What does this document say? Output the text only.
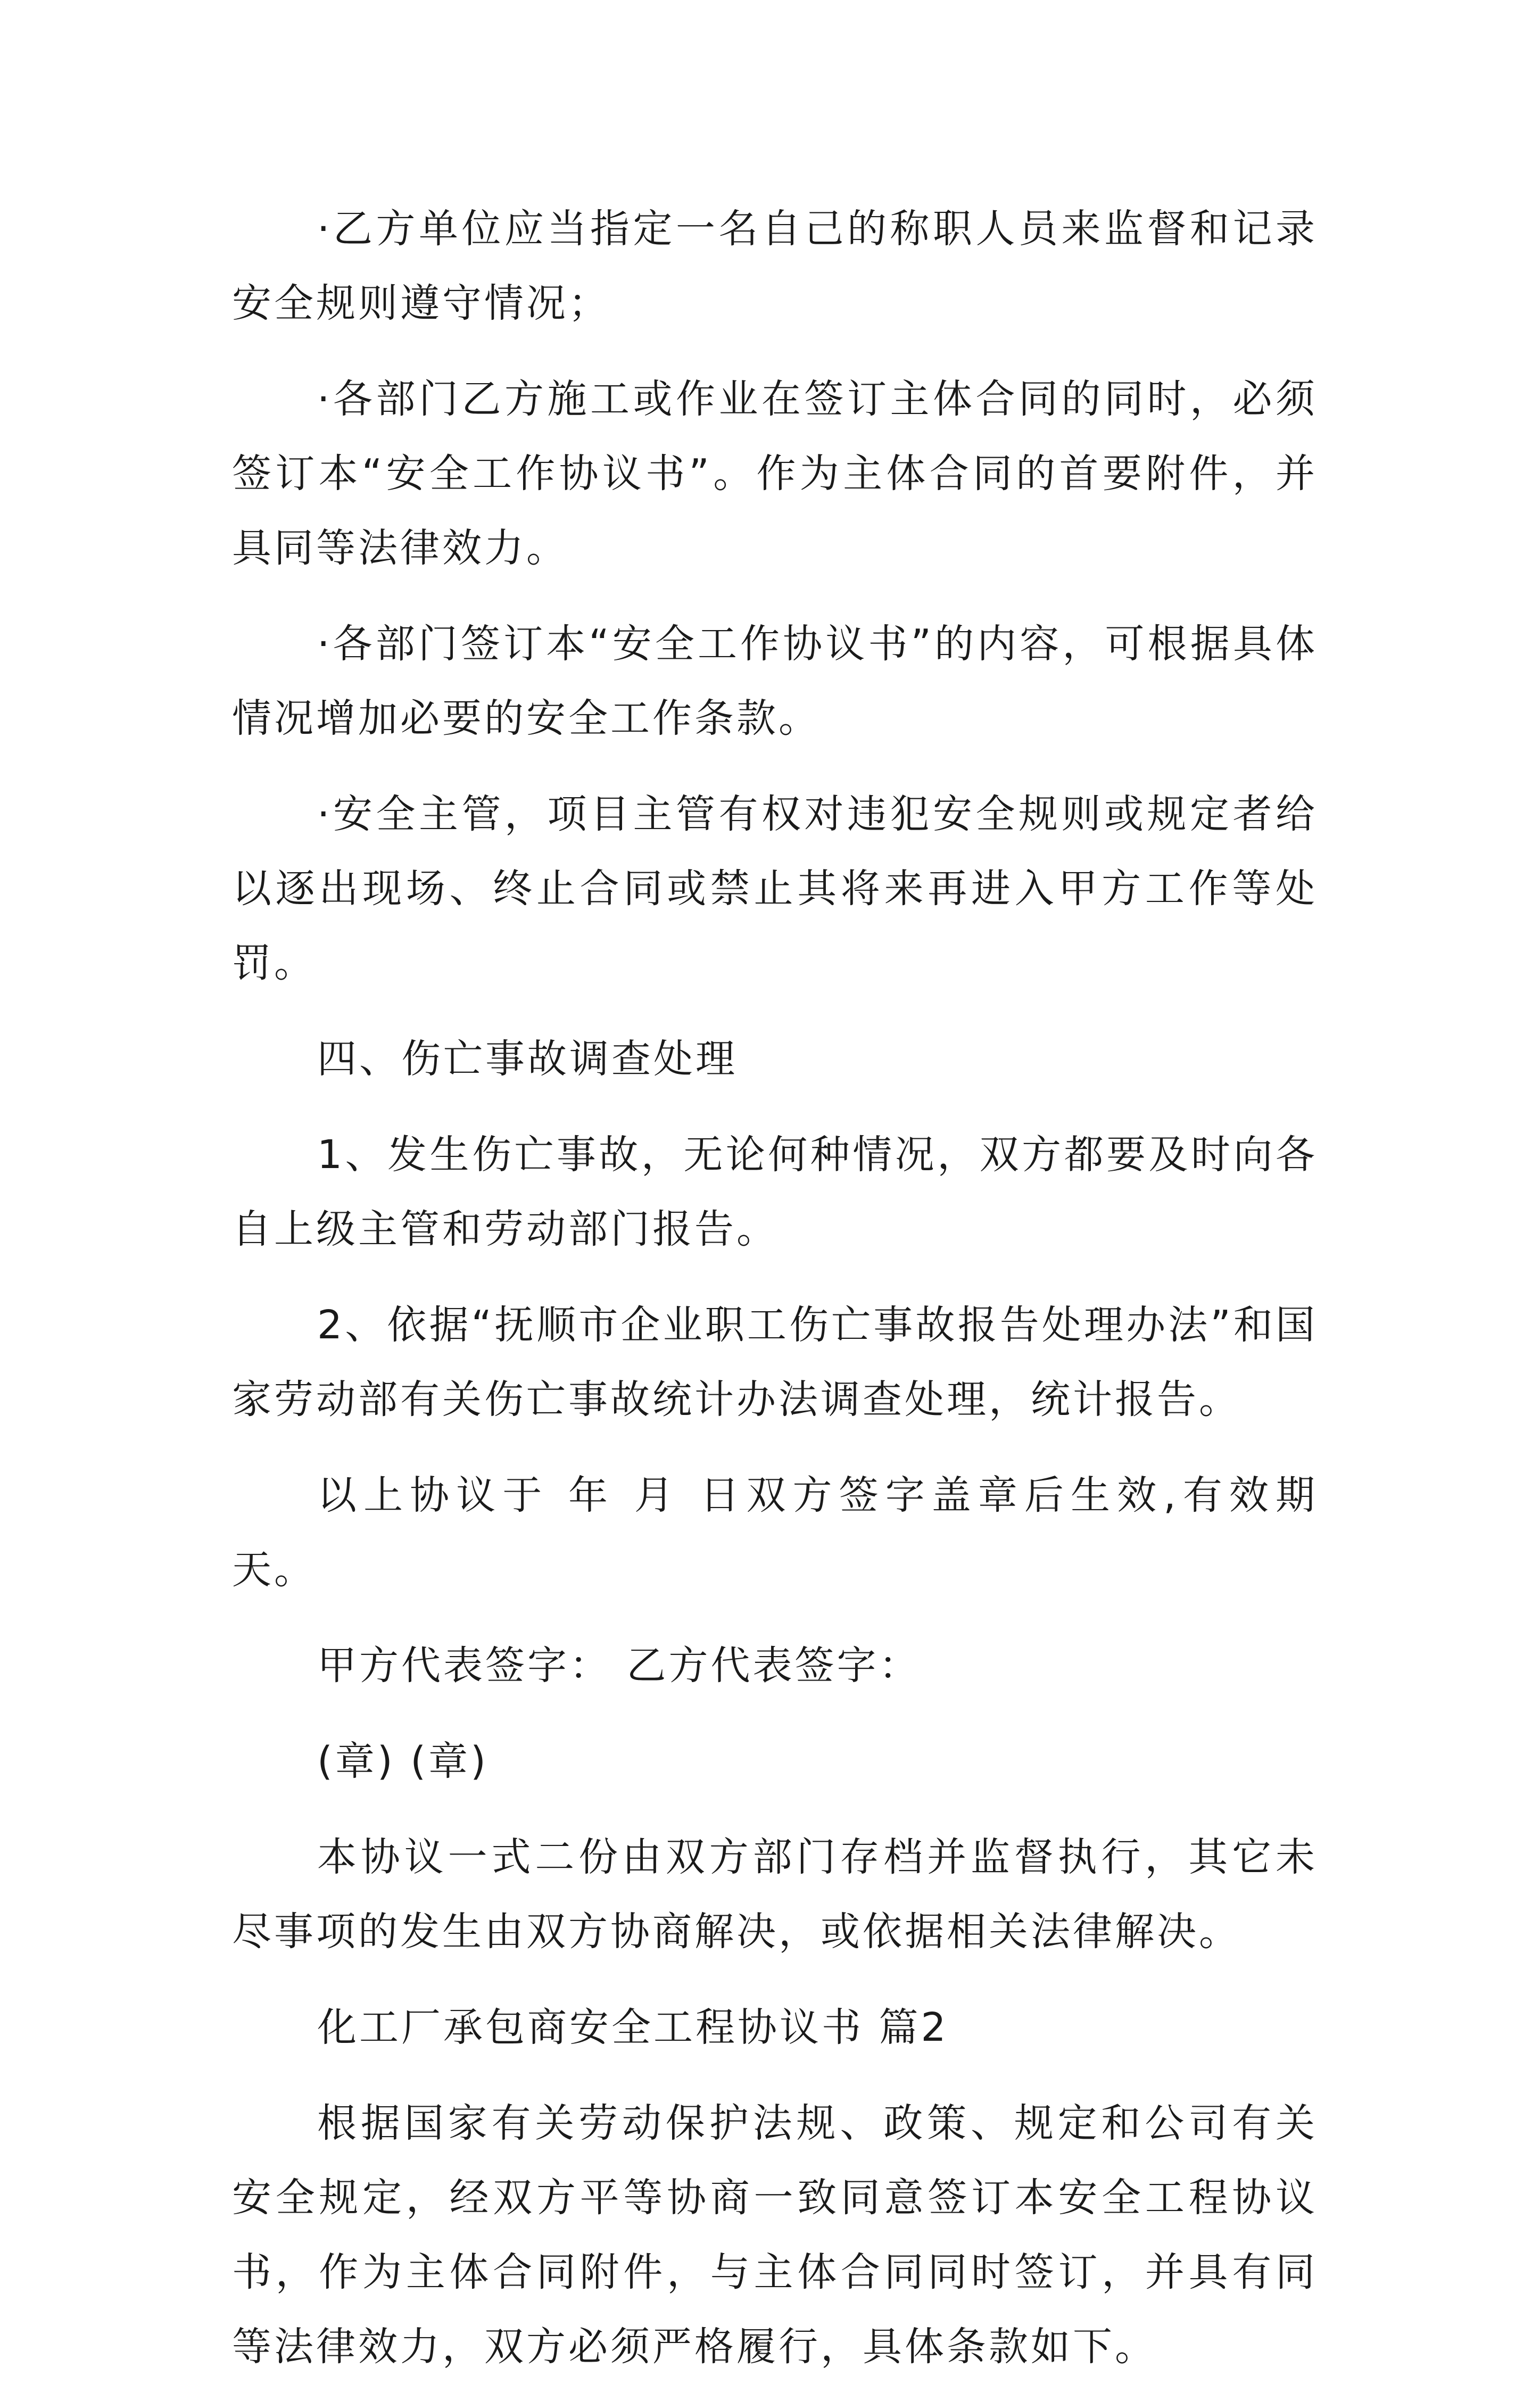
·乙方单位应当指定一名自己的称职人员来监督和记录安全规则遵守情况；

·各部门乙方施工或作业在签订主体合同的同时，必须签订本“安全工作协议书”。作为主体合同的首要附件，并具同等法律效力。

·各部门签订本“安全工作协议书”的内容，可根据具体情况增加必要的安全工作条款。

·安全主管，项目主管有权对违犯安全规则或规定者给以逐出现场、终止合同或禁止其将来再进入甲方工作等处罚。

四、伤亡事故调查处理

1、发生伤亡事故，无论何种情况，双方都要及时向各自上级主管和劳动部门报告。

2、依据“抚顺市企业职工伤亡事故报告处理办法”和国家劳动部有关伤亡事故统计办法调查处理，统计报告。

以上协议于 年 月 日双方签字盖章后生效,有效期 天。

甲方代表签字： 乙方代表签字：

(章) (章)

本协议一式二份由双方部门存档并监督执行，其它未尽事项的发生由双方协商解决，或依据相关法律解决。

化工厂承包商安全工程协议书 篇2

根据国家有关劳动保护法规、政策、规定和公司有关安全规定，经双方平等协商一致同意签订本安全工程协议书，作为主体合同附件，与主体合同同时签订，并具有同等法律效力，双方必须严格履行，具体条款如下。
